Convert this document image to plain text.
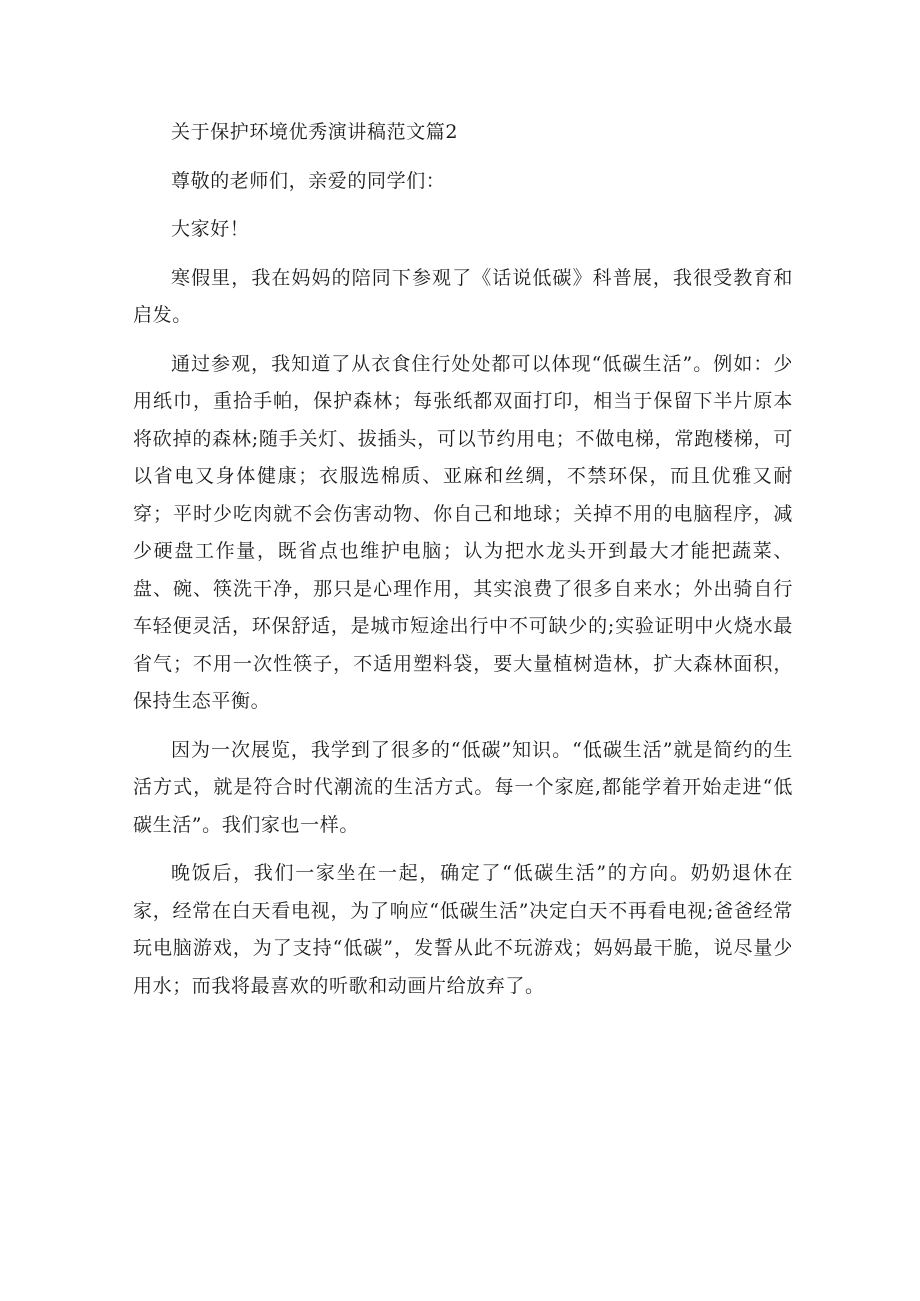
关于保护环境优秀演讲稿范文篇2

尊敬的老师们，亲爱的同学们：

大家好！

寒假里，我在妈妈的陪同下参观了《话说低碳》科普展，我很受教育和启发。

通过参观，我知道了从衣食住行处处都可以体现“低碳生活”。例如：少用纸巾，重拾手帕，保护森林；每张纸都双面打印，相当于保留下半片原本将砍掉的森林;随手关灯、拔插头，可以节约用电；不做电梯，常跑楼梯，可以省电又身体健康；衣服选棉质、亚麻和丝绸，不禁环保，而且优雅又耐穿；平时少吃肉就不会伤害动物、你自己和地球；关掉不用的电脑程序，减少硬盘工作量，既省点也维护电脑；认为把水龙头开到最大才能把蔬菜、盘、碗、筷洗干净，那只是心理作用，其实浪费了很多自来水；外出骑自行车轻便灵活，环保舒适，是城市短途出行中不可缺少的;实验证明中火烧水最省气；不用一次性筷子，不适用塑料袋，要大量植树造林，扩大森林面积，保持生态平衡。

因为一次展览，我学到了很多的“低碳”知识。“低碳生活”就是简约的生活方式，就是符合时代潮流的生活方式。每一个家庭,都能学着开始走进“低碳生活”。我们家也一样。

晚饭后，我们一家坐在一起，确定了“低碳生活”的方向。奶奶退休在家，经常在白天看电视，为了响应“低碳生活”决定白天不再看电视;爸爸经常玩电脑游戏，为了支持“低碳”，发誓从此不玩游戏；妈妈最干脆，说尽量少用水；而我将最喜欢的听歌和动画片给放弃了。
